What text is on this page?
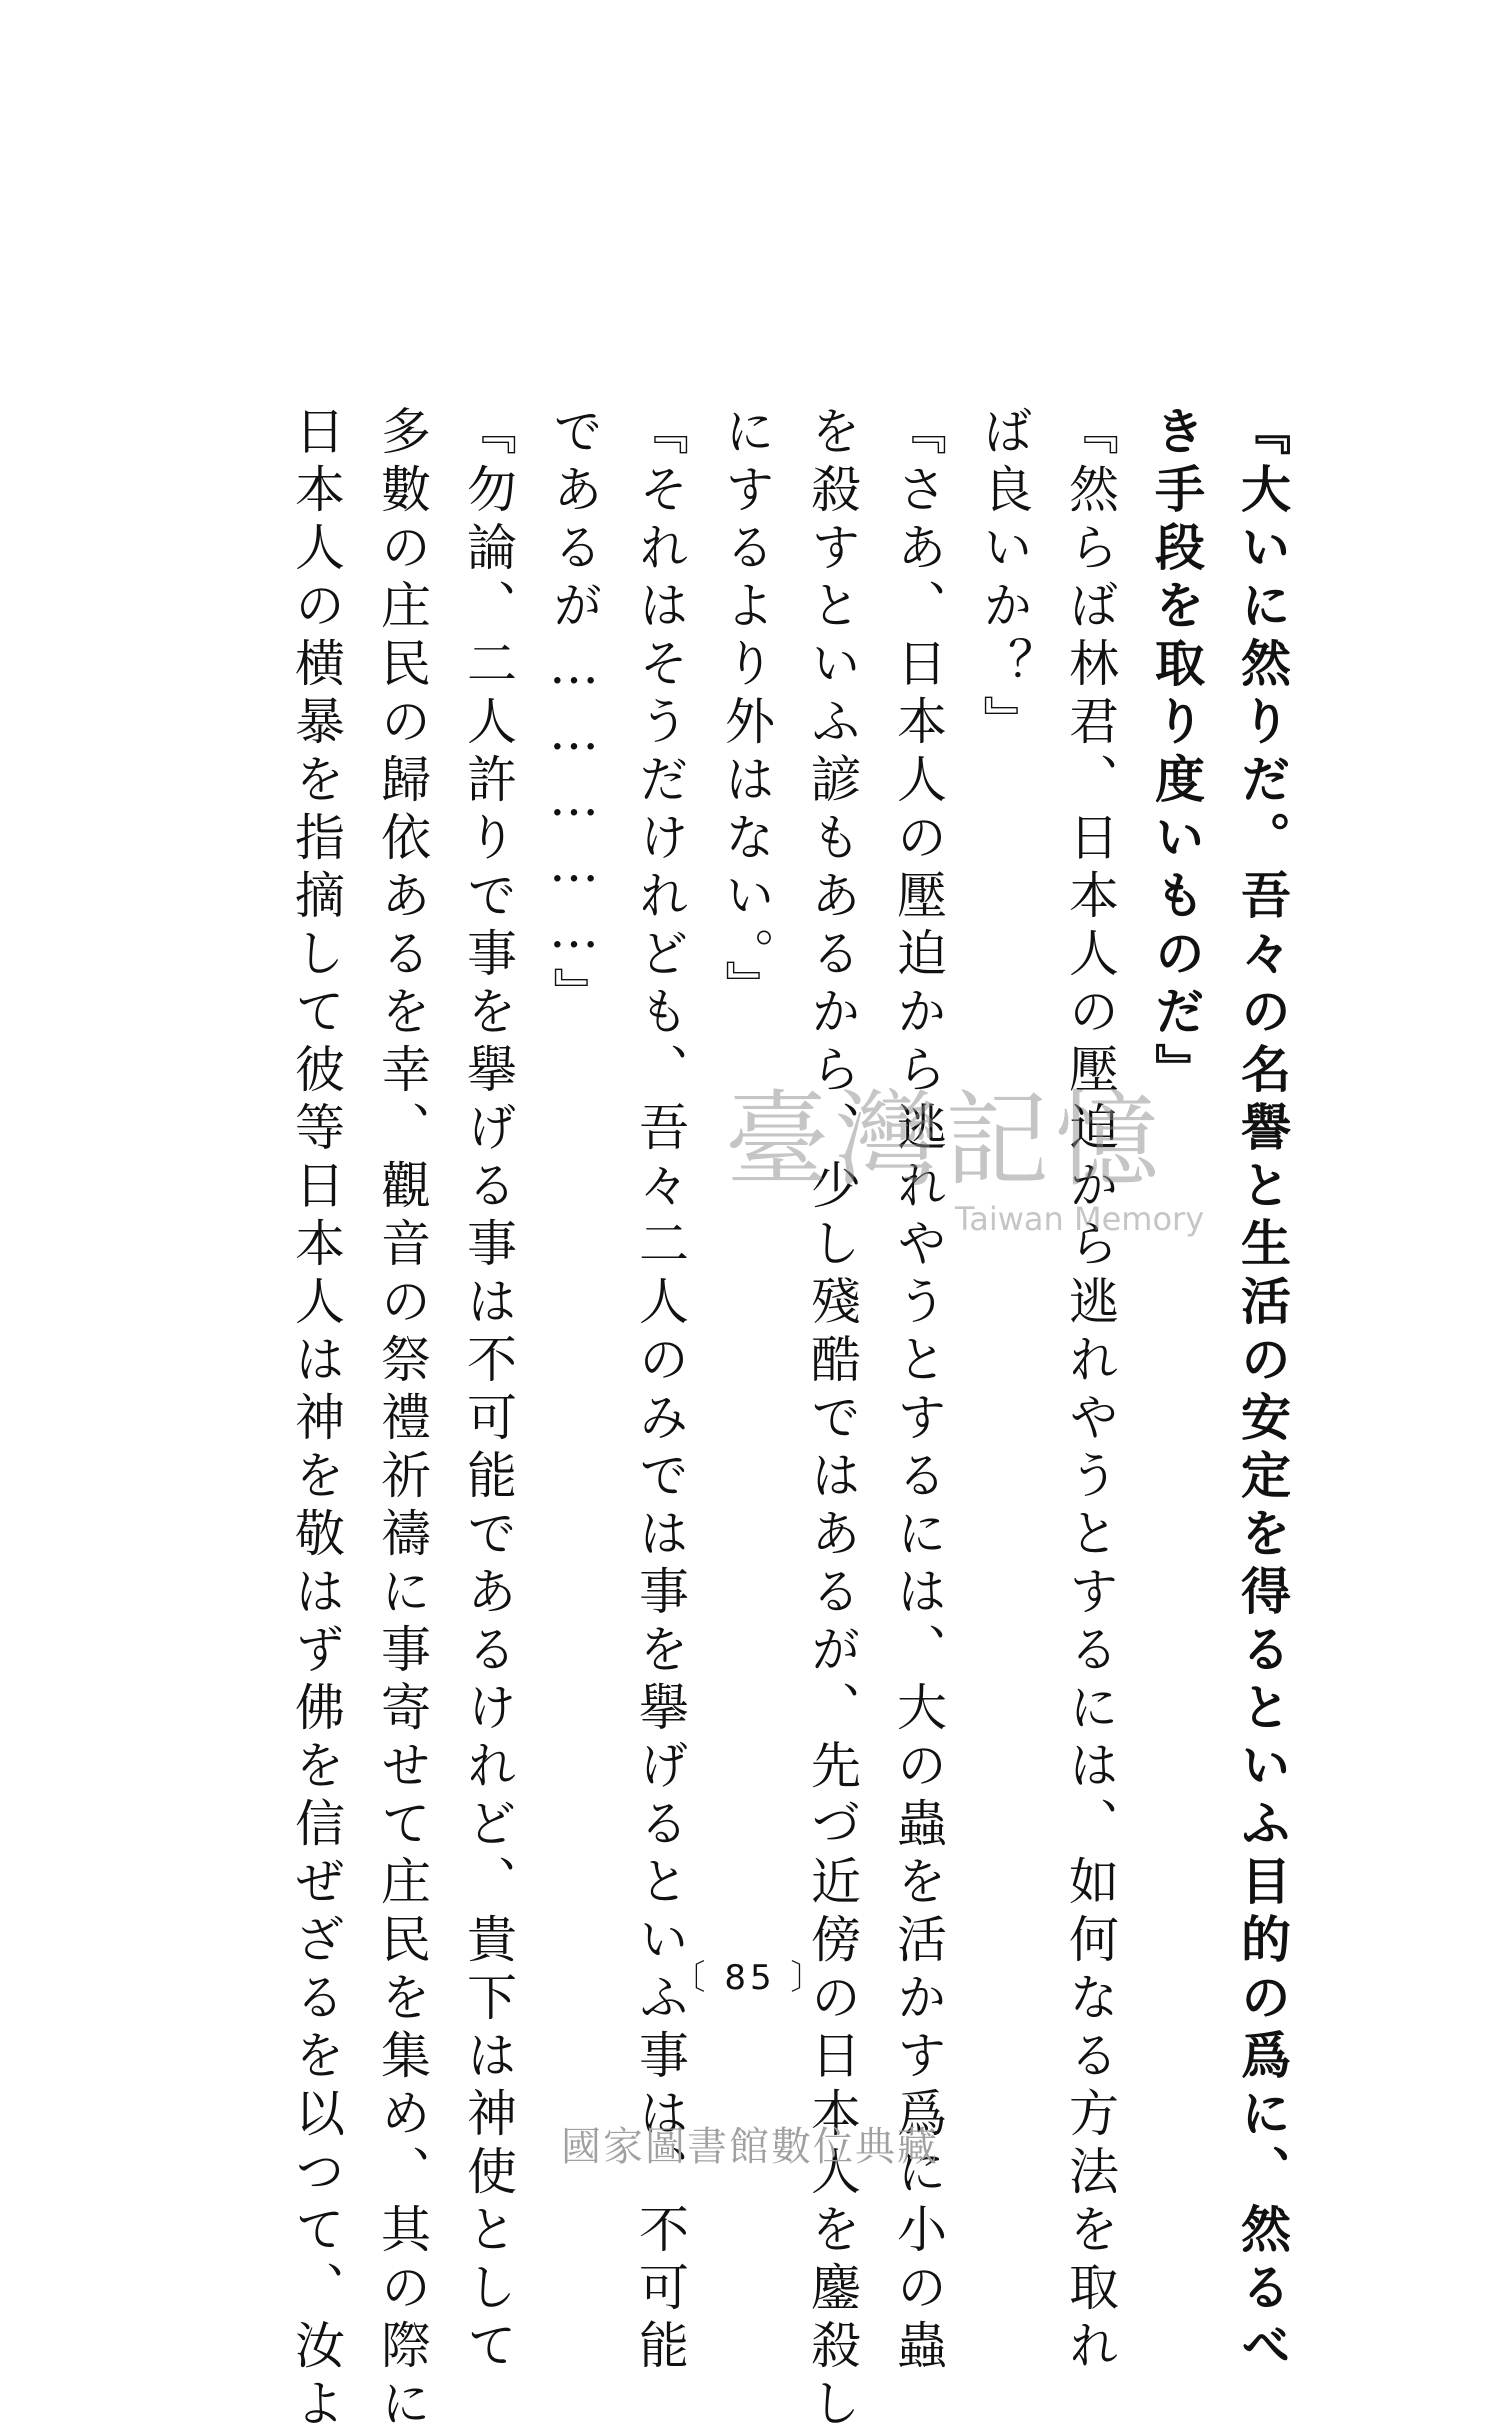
『大いに然りだ。吾々の名譽と生活の安定を得るといふ目的の爲に、然るべ
き手段を取り度いものだ』
『然らば林君、日本人の壓迫から逃れやうとするには、如何なる方法を取れ
ば良いか？』
『さあ、日本人の壓迫から逃れやうとするには、大の蟲を活かす爲に小の蟲
を殺すといふ諺もあるから、少し殘酷ではあるが、先づ近傍の日本人を鏖殺し
にするより外はない。』
『それはそうだけれども、吾々二人のみでは事を擧げるといふ事は、不可能
であるが……………』
『勿論、二人許りで事を擧げる事は不可能であるけれど、貴下は神使として
多數の庄民の歸依あるを幸、觀音の祭禮祈禱に事寄せて庄民を集め、其の際に
日本人の横暴を指摘して彼等日本人は神を敬はず佛を信ぜざるを以つて、汝よ	臺灣記憶
Taiwan Memory
〔 85 〕
國家圖書館數位典藏
